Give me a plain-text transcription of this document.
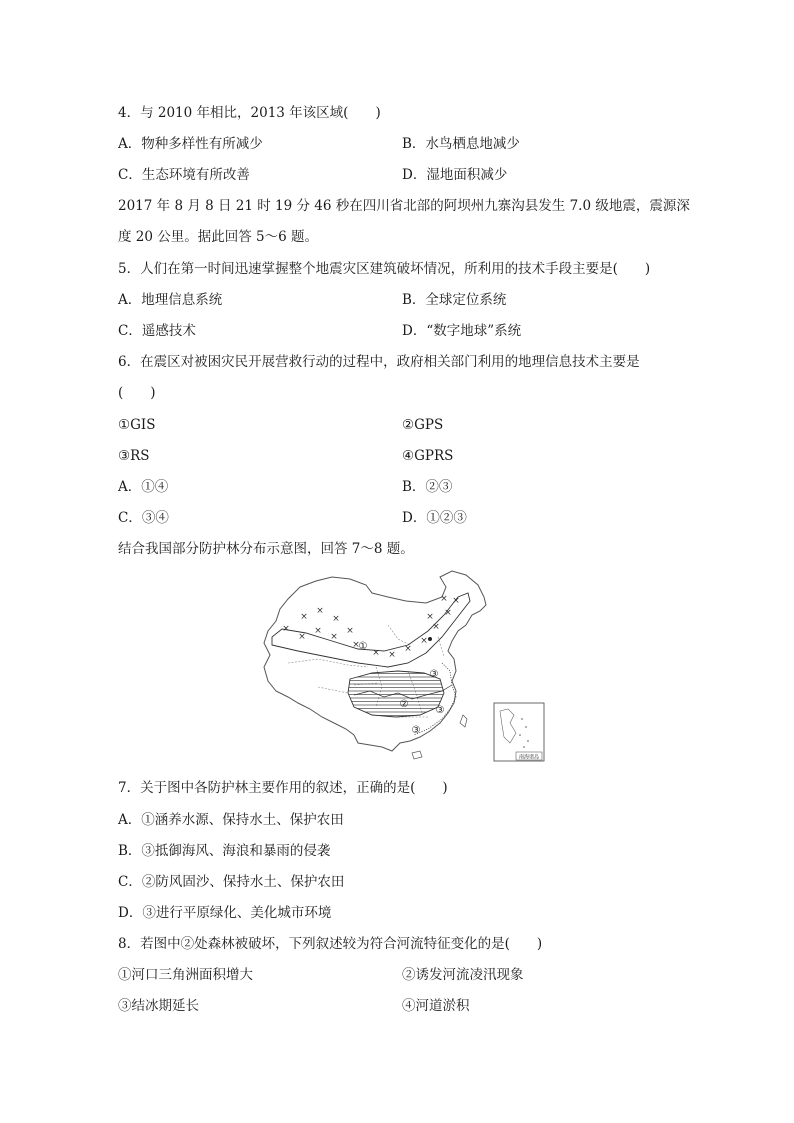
4．与 2010 年相比，2013 年该区域(　　)
A．物种多样性有所减少	B．水鸟栖息地减少
C．生态环境有所改善	D．湿地面积减少
2017 年 8 月 8 日 21 时 19 分 46 秒在四川省北部的阿坝州九寨沟县发生 7.0 级地震，震源深
度 20 公里。据此回答 5～6 题。
5．人们在第一时间迅速掌握整个地震灾区建筑破坏情况，所利用的技术手段主要是(　　)
A．地理信息系统	B．全球定位系统
C．遥感技术	D．“数字地球”系统
6．在震区对被困灾民开展营救行动的过程中，政府相关部门利用的地理信息技术主要是
(　　)
①GIS	②GPS
③RS	④GPRS
A．①④	B．②③
C．③④	D．①②③
结合我国部分防护林分布示意图，回答 7～8 题。
×
×
×
×
×
×
×
×
×
× ×
×
×
×
×
×
×
×
①
②
③
③
③
南海诸岛
7．关于图中各防护林主要作用的叙述，正确的是(　　)
A．①涵养水源、保持水土、保护农田
B．③抵御海风、海浪和暴雨的侵袭
C．②防风固沙、保持水土、保护农田
D．③进行平原绿化、美化城市环境
8．若图中②处森林被破坏，下列叙述较为符合河流特征变化的是(　　)
①河口三角洲面积增大	②诱发河流凌汛现象
③结冰期延长	④河道淤积
